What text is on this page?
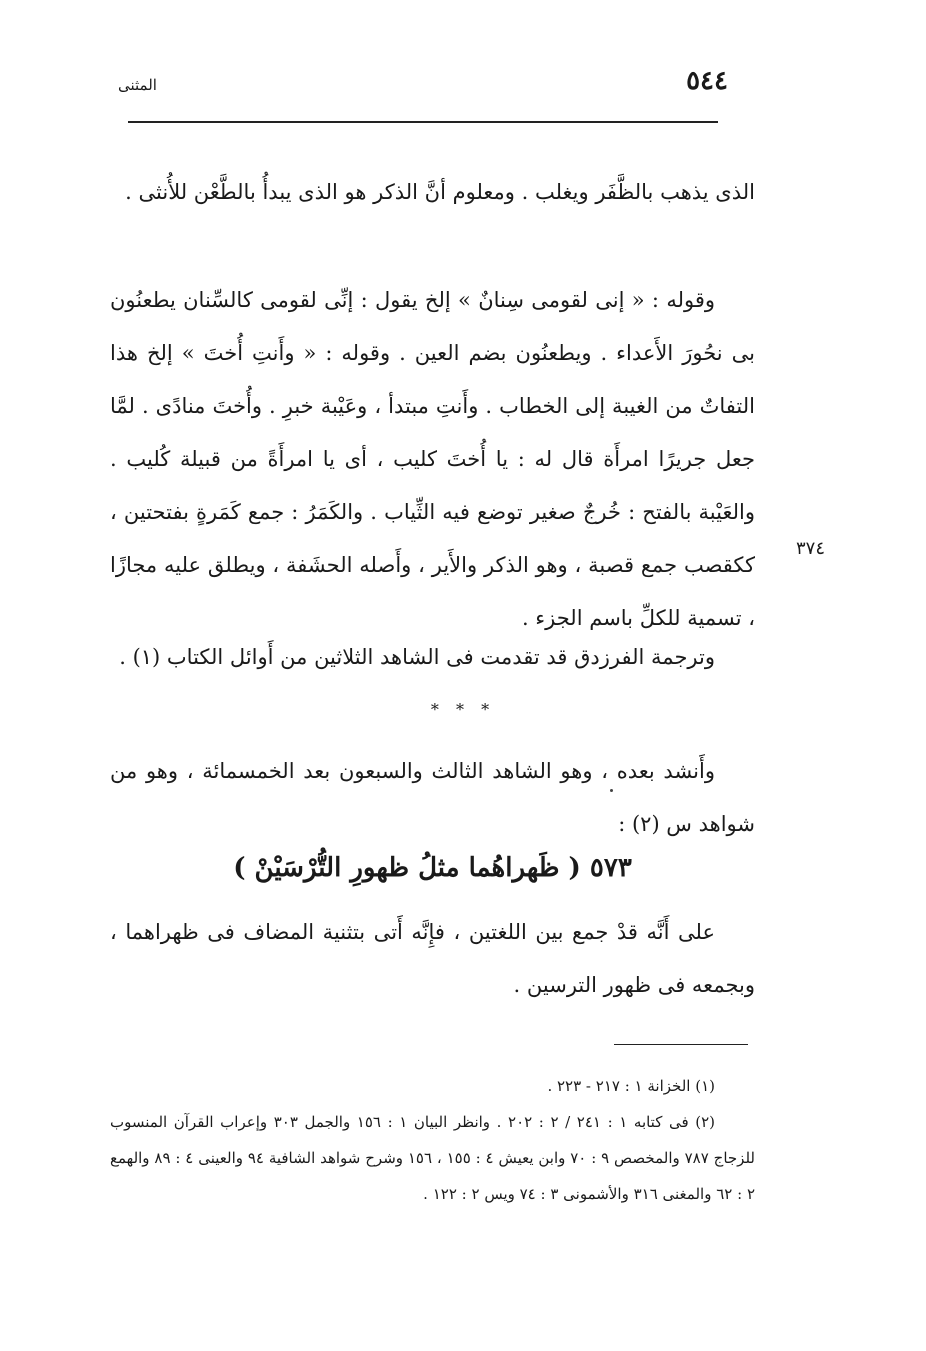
٥٤٤
المثنى

الذى يذهب بالظَّفَر ويغلب . ومعلوم أنَّ الذكر هو الذى يبدأُ بالطَّعْن للأُنثى .

وقوله : « إنى لقومى سِنانٌ » إلخ يقول : إنِّى لقومى كالسِّنان يطعنُون بى نحُورَ الأَعداء . ويطعنُون بضم العين . وقوله : « وأَنتِ أُختَ » إلخ هذا التفاتٌ من الغيبة إلى الخطاب . وأَنتِ مبتدأ ، وعَيْبة خبرِ . وأُختَ منادًى . لمَّا جعل جريرًا امرأَة قال له : يا أُختَ كليب ، أى يا امرأَةً من قبيلة كُليب . والعَيْبة بالفتح : خُرجٌ صغير توضع فيه الثِّياب . والكَمَرُ : جمع كَمَرةٍ بفتحتين ، ككقصب جمع قصبة ، وهو الذكر والأَير ، وأَصله الحشَفة ، ويطلق عليه مجازًا ، تسمية للكلِّ باسم الجزء .

٣٧٤

وترجمة الفرزدق قد تقدمت فى الشاهد الثلاثين من أَوائل الكتاب (١) .

* * *

وأَنشد بعده ، وهو الشاهد الثالث والسبعون بعد الخمسمائة ، وهو من شواهد س (٢) :

٥٧٣ ( ظَهراهُما مثلُ ظهورِ التُّرْسَيْنْ )

على أَنَّه قدْ جمع بين اللغتين ، فإِنَّه أَتى بتثنية المضاف فى ظهراهما ، وبجمعه فى ظهور الترسين .

(١) الخزانة ١ : ٢١٧ - ٢٢٣ .

(٢) فى كتابه ١ : ٢٤١ / ٢ : ٢٠٢ . وانظر البيان ١ : ١٥٦ والجمل ٣٠٣ وإعراب القرآن المنسوب للزجاج ٧٨٧ والمخصص ٩ : ٧٠ وابن يعيش ٤ : ١٥٥ ، ١٥٦ وشرح شواهد الشافية ٩٤ والعينى ٤ : ٨٩ والهمع ٢ : ٦٢ والمغنى ٣١٦ والأشمونى ٣ : ٧٤ ويس ٢ : ١٢٢ .
